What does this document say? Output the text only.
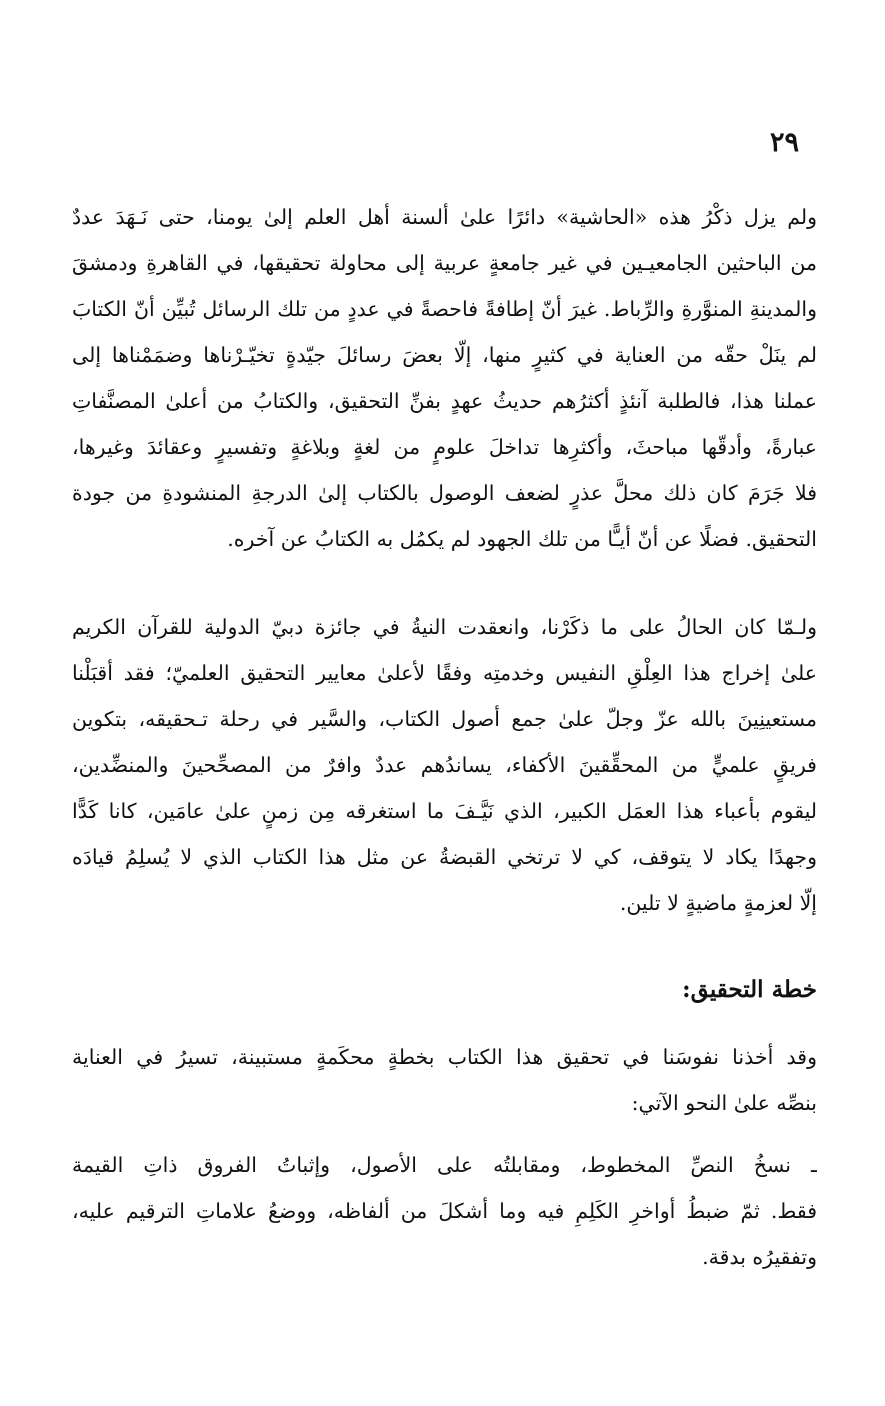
٢٩

ولم يزل ذكْرُ هذه «الحاشية» دائرًا علىٰ ألسنة أهل العلم إلىٰ يومنا، حتى نَـهَدَ عددٌ
من الباحثين الجامعيـين في غير جامعةٍ عربية إلى محاولة تحقيقها، في القاهرةِ ودمشقَ
والمدينةِ المنوَّرةِ والرِّباط. غيرَ أنّ إطافةً فاحصةً في عددٍ من تلك الرسائل تُبيِّن أنّ الكتابَ
لم ينَلْ حقّه من العناية في كثيرٍ منها، إلّا بعضَ رسائلَ جيّدةٍ تخيّـرْناها وضمَمْناها إلى
عملنا هذا، فالطلبة آنئذٍ أكثرُهم حديثُ عهدٍ بفنِّ التحقيق، والكتابُ من أعلىٰ المصنَّفاتِ
عبارةً، وأدقّها مباحثَ، وأكثرِها تداخلَ علومٍ من لغةٍ وبلاغةٍ وتفسيرٍ وعقائدَ وغيرها،
فلا جَرَمَ كان ذلك محلَّ عذرٍ لضعف الوصول بالكتاب إلىٰ الدرجةِ المنشودةِ من جودة
التحقيق. فضلًا عن أنّ أيـًّا من تلك الجهود لم يكمُل به الكتابُ عن آخره.

ولـمّا كان الحالُ على ما ذكَرْنا، وانعقدت النيةُ في جائزة دبيّ الدولية للقرآن الكريم
علىٰ إخراج هذا العِلْقِ النفيس وخدمتِه وفقًا لأعلىٰ معايير التحقيق العلميّ؛ فقد أقبَلْنا
مستعينِينَ بالله عزّ وجلّ علىٰ جمع أصول الكتاب، والسَّير في رحلة تـحقيقه، بتكوين
فريقٍ علميٍّ من المحقِّقينَ الأكفاء، يساندُهم عددٌ وافرٌ من المصحِّحينَ والمنضِّدين،
ليقوم بأعباء هذا العمَل الكبير، الذي نَيَّـفَ ما استغرقه مِن زمنٍ علىٰ عامَين، كانا كَدًّا
وجهدًا يكاد لا يتوقف، كي لا ترتخي القبضةُ عن مثل هذا الكتاب الذي لا يُسلِمُ قيادَه
إلّا لعزمةٍ ماضيةٍ لا تلين.

خطة التحقيق:

وقد أخذنا نفوسَنا في تحقيق هذا الكتاب بخطةٍ محكَمةٍ مستبينة، تسيرُ في العناية
بنصِّه علىٰ النحو الآتي:

ـ نسخُ النصِّ المخطوط، ومقابلتُه على الأصول، وإثباتُ الفروق ذاتِ القيمة
فقط. ثمّ ضبطُ أواخرِ الكَلِمِ فيه وما أشكلَ من ألفاظه، ووضعُ علاماتِ الترقيم عليه،
وتفقيرُه بدقة.
